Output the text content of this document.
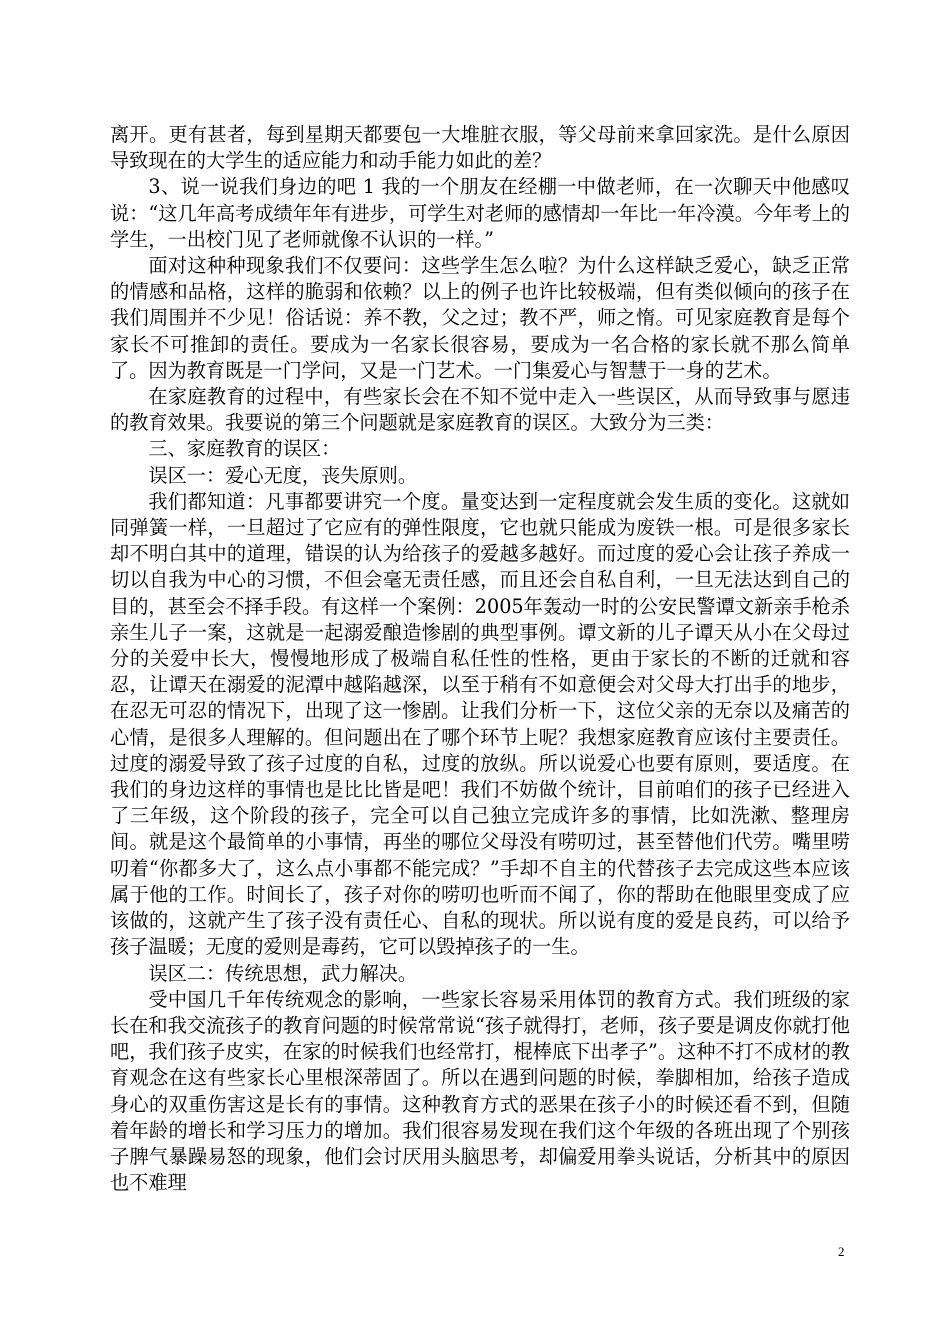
离开。更有甚者，每到星期天都要包一大堆脏衣服，等父母前来拿回家洗。是什么原因导致现在的大学生的适应能力和动手能力如此的差？

3、说一说我们身边的吧 1 我的一个朋友在经棚一中做老师，在一次聊天中他感叹说：“这几年高考成绩年年有进步，可学生对老师的感情却一年比一年冷漠。今年考上的学生，一出校门见了老师就像不认识的一样。”

面对这种种现象我们不仅要问：这些学生怎么啦？为什么这样缺乏爱心，缺乏正常的情感和品格，这样的脆弱和依赖？以上的例子也许比较极端，但有类似倾向的孩子在我们周围并不少见！俗话说：养不教，父之过；教不严，师之惰。可见家庭教育是每个家长不可推卸的责任。要成为一名家长很容易，要成为一名合格的家长就不那么简单了。因为教育既是一门学问，又是一门艺术。一门集爱心与智慧于一身的艺术。

在家庭教育的过程中，有些家长会在不知不觉中走入一些误区，从而导致事与愿违的教育效果。我要说的第三个问题就是家庭教育的误区。大致分为三类：

三、家庭教育的误区：

误区一：爱心无度，丧失原则。

我们都知道：凡事都要讲究一个度。量变达到一定程度就会发生质的变化。这就如同弹簧一样，一旦超过了它应有的弹性限度，它也就只能成为废铁一根。可是很多家长却不明白其中的道理，错误的认为给孩子的爱越多越好。而过度的爱心会让孩子养成一切以自我为中心的习惯，不但会毫无责任感，而且还会自私自利，一旦无法达到自己的目的，甚至会不择手段。有这样一个案例：2005年轰动一时的公安民警谭文新亲手枪杀亲生儿子一案，这就是一起溺爱酿造惨剧的典型事例。谭文新的儿子谭天从小在父母过分的关爱中长大，慢慢地形成了极端自私任性的性格，更由于家长的不断的迁就和容忍，让谭天在溺爱的泥潭中越陷越深，以至于稍有不如意便会对父母大打出手的地步，在忍无可忍的情况下，出现了这一惨剧。让我们分析一下，这位父亲的无奈以及痛苦的心情，是很多人理解的。但问题出在了哪个环节上呢？我想家庭教育应该付主要责任。过度的溺爱导致了孩子过度的自私，过度的放纵。所以说爱心也要有原则，要适度。在我们的身边这样的事情也是比比皆是吧！我们不妨做个统计，目前咱们的孩子已经进入了三年级，这个阶段的孩子，完全可以自己独立完成许多的事情，比如洗漱、整理房间。就是这个最简单的小事情，再坐的哪位父母没有唠叨过，甚至替他们代劳。嘴里唠叨着“你都多大了，这么点小事都不能完成？”手却不自主的代替孩子去完成这些本应该属于他的工作。时间长了，孩子对你的唠叨也听而不闻了，你的帮助在他眼里变成了应该做的，这就产生了孩子没有责任心、自私的现状。所以说有度的爱是良药，可以给予孩子温暖；无度的爱则是毒药，它可以毁掉孩子的一生。

误区二：传统思想，武力解决。

受中国几千年传统观念的影响，一些家长容易采用体罚的教育方式。我们班级的家长在和我交流孩子的教育问题的时候常常说“孩子就得打，老师，孩子要是调皮你就打他吧，我们孩子皮实，在家的时候我们也经常打，棍棒底下出孝子”。这种不打不成材的教育观念在这有些家长心里根深蒂固了。所以在遇到问题的时候，拳脚相加，给孩子造成身心的双重伤害这是长有的事情。这种教育方式的恶果在孩子小的时候还看不到，但随着年龄的增长和学习压力的增加。我们很容易发现在我们这个年级的各班出现了个别孩子脾气暴躁易怒的现象，他们会讨厌用头脑思考，却偏爱用拳头说话，分析其中的原因也不难理

2
